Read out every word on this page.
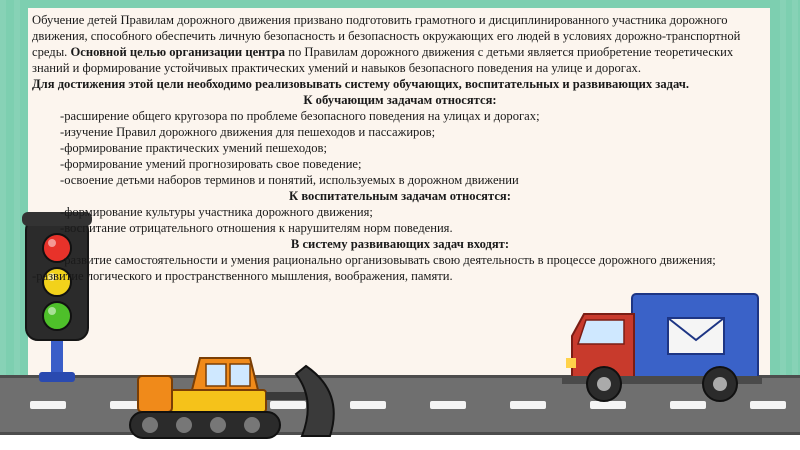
Обучение детей Правилам дорожного движения призвано подготовить грамотного и дисциплинированного участника дорожного движения, способного обеспечить личную безопасность и безопасность окружающих его людей в условиях дорожно-транспортной среды. Основной целью организации центра по Правилам дорожного движения с детьми является приобретение теоретических знаний и формирование устойчивых практических умений и навыков безопасного поведения на улице и дорогах.

Для достижения этой цели необходимо реализовывать систему обучающих, воспитательных и развивающих задач.

К обучающим задачам относятся:

-расширение общего кругозора по проблеме безопасного поведения на улицах и дорогах;

-изучение Правил дорожного движения для пешеходов и пассажиров;

-формирование практических умений пешеходов;

-формирование умений прогнозировать свое поведение;

-освоение детьми наборов терминов и понятий, используемых в дорожном движении

К воспитательным задачам относятся:

-формирование культуры участника дорожного движения;

-воспитание отрицательного отношения к нарушителям норм поведения.

В систему развивающих задач входят:

-развитие самостоятельности и умения рационально организовывать свою деятельность в процессе дорожного движения;

-развитие логического и пространственного мышления, воображения, памяти.
